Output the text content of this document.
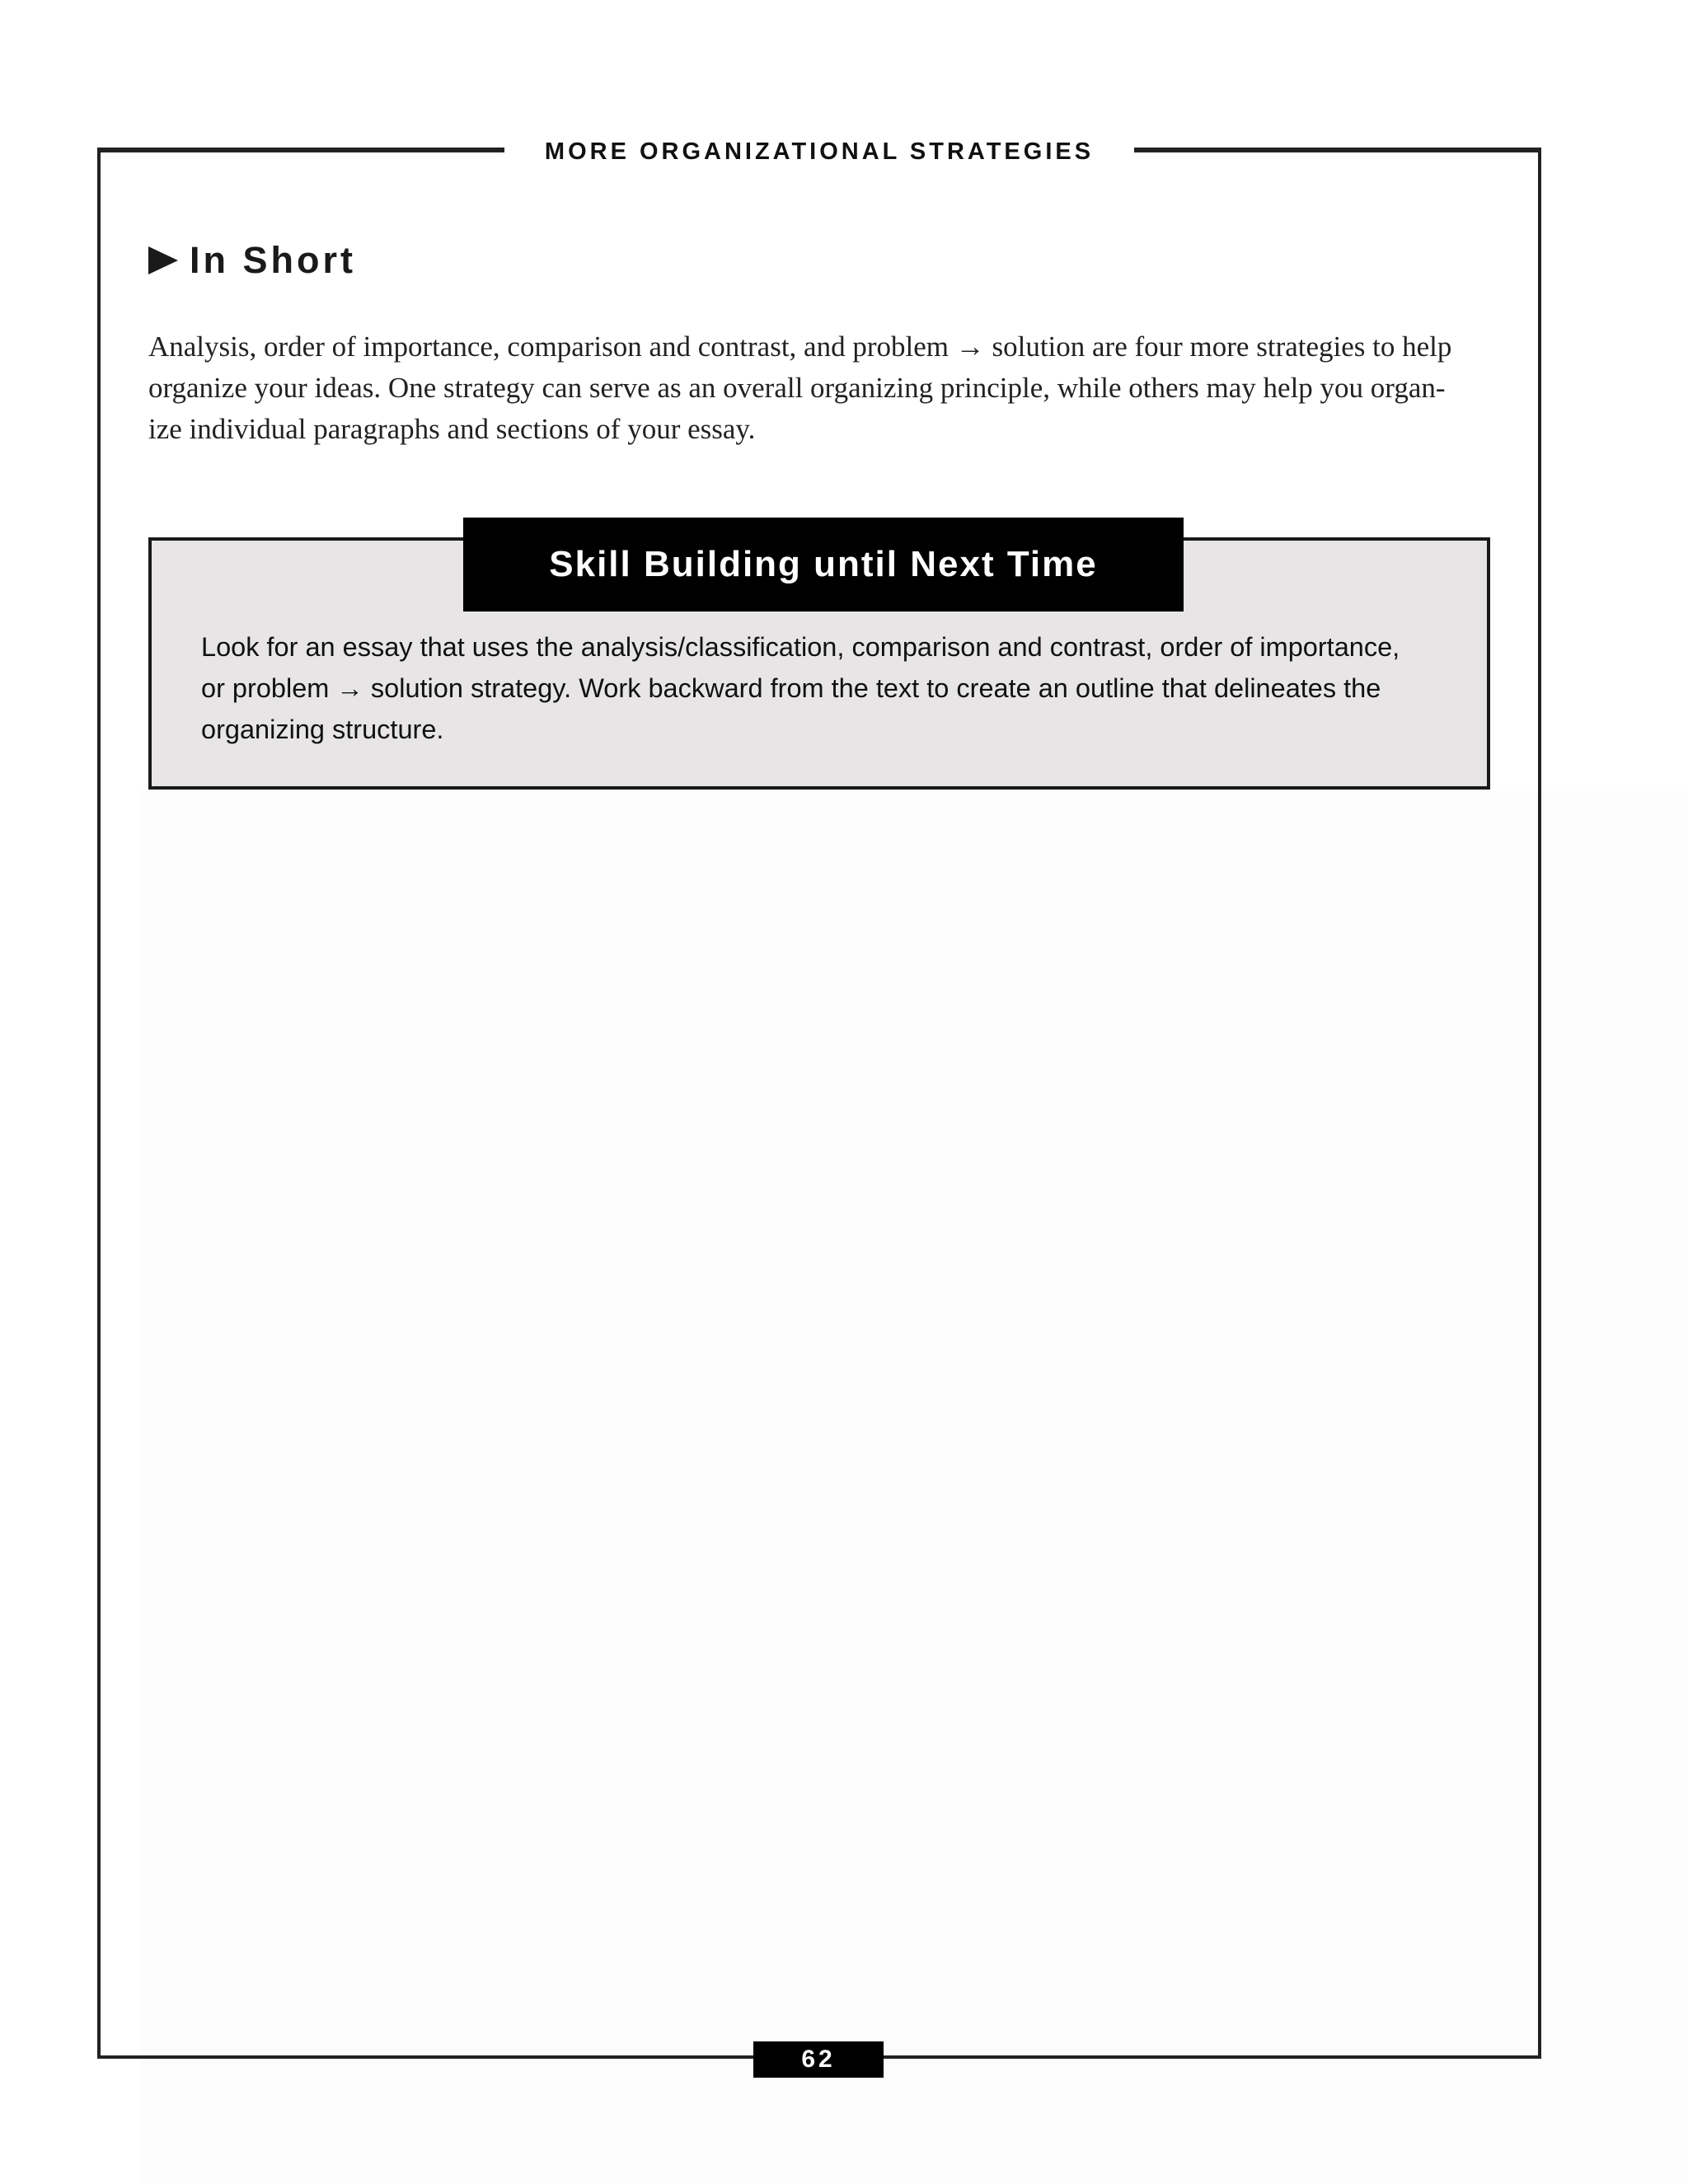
MORE ORGANIZATIONAL STRATEGIES
In Short
Analysis, order of importance, comparison and contrast, and problem → solution are four more strategies to help
organize your ideas. One strategy can serve as an overall organizing principle, while others may help you organ-
ize individual paragraphs and sections of your essay.
Skill Building until Next Time
Look for an essay that uses the analysis/classification, comparison and contrast, order of importance,
or problem → solution strategy. Work backward from the text to create an outline that delineates the
organizing structure.
62
